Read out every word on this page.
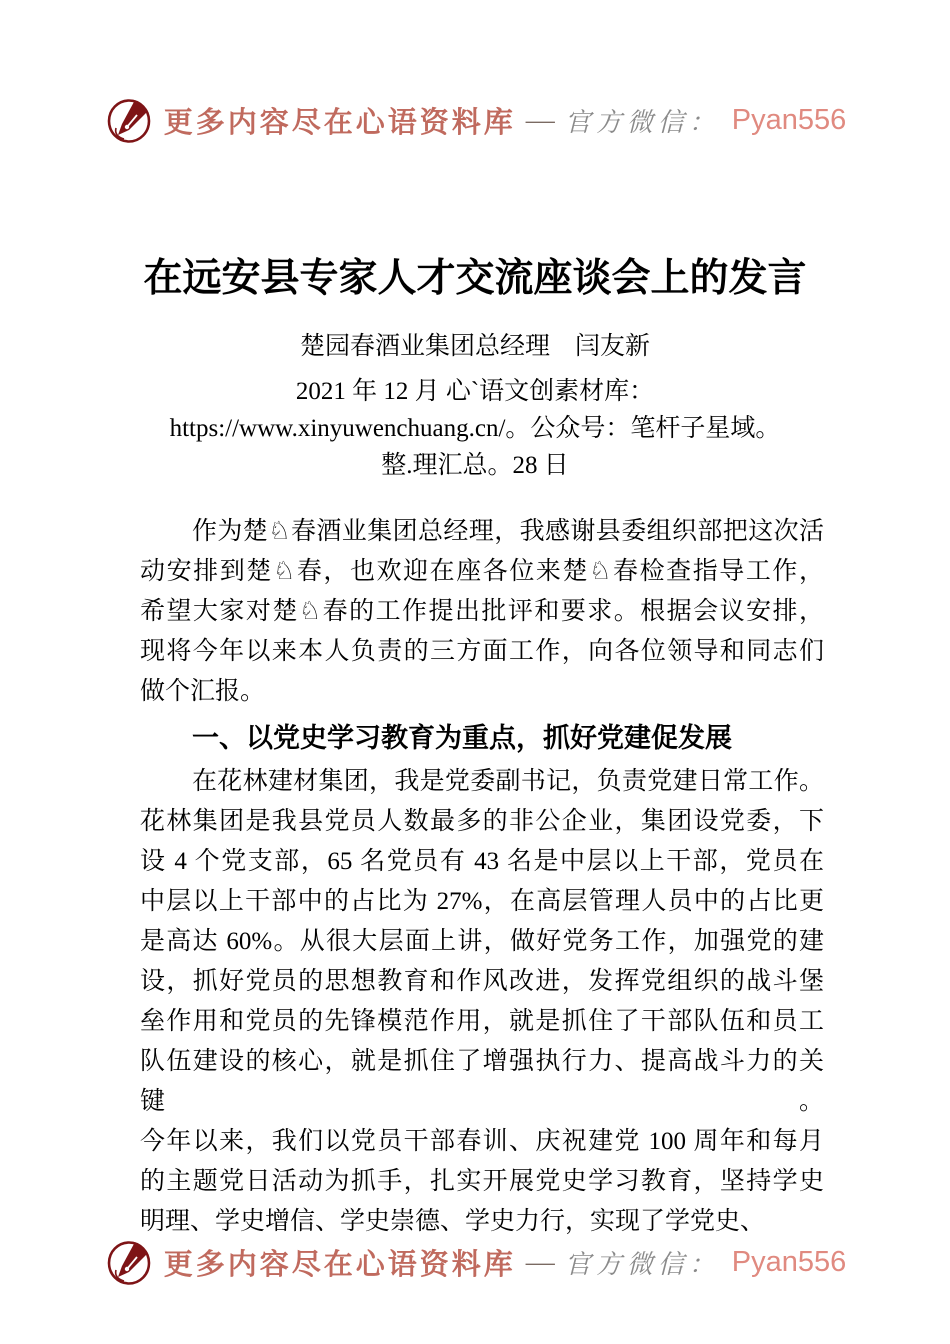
更多内容尽在心语资料库 — 官方微信： Pyan556
在远安县专家人才交流座谈会上的发言
楚园春酒业集团总经理　闫友新
2021 年 12 月 心`语文创素材库：
https://www.xinyuwenchuang.cn/。公众号：笔杆子星域。
整.理汇总。28 日
作为楚♘春酒业集团总经理，我感谢县委组织部把这次活
动安排到楚♘春，也欢迎在座各位来楚♘春检查指导工作，
希望大家对楚♘春的工作提出批评和要求。根据会议安排，
现将今年以来本人负责的三方面工作，向各位领导和同志们
做个汇报。
一、以党史学习教育为重点，抓好党建促发展
在花林建材集团，我是党委副书记，负责党建日常工作。
花林集团是我县党员人数最多的非公企业，集团设党委，下
设 4 个党支部，65 名党员有 43 名是中层以上干部，党员在
中层以上干部中的占比为 27%，在高层管理人员中的占比更
是高达 60%。从很大层面上讲，做好党务工作，加强党的建
设，抓好党员的思想教育和作风改进，发挥党组织的战斗堡
垒作用和党员的先锋模范作用，就是抓住了干部队伍和员工
队伍建设的核心，就是抓住了增强执行力、提高战斗力的关键。
今年以来，我们以党员干部春训、庆祝建党 100 周年和每月
的主题党日活动为抓手，扎实开展党史学习教育，坚持学史
明理、学史增信、学史崇德、学史力行，实现了学党史、
更多内容尽在心语资料库 — 官方微信： Pyan556
